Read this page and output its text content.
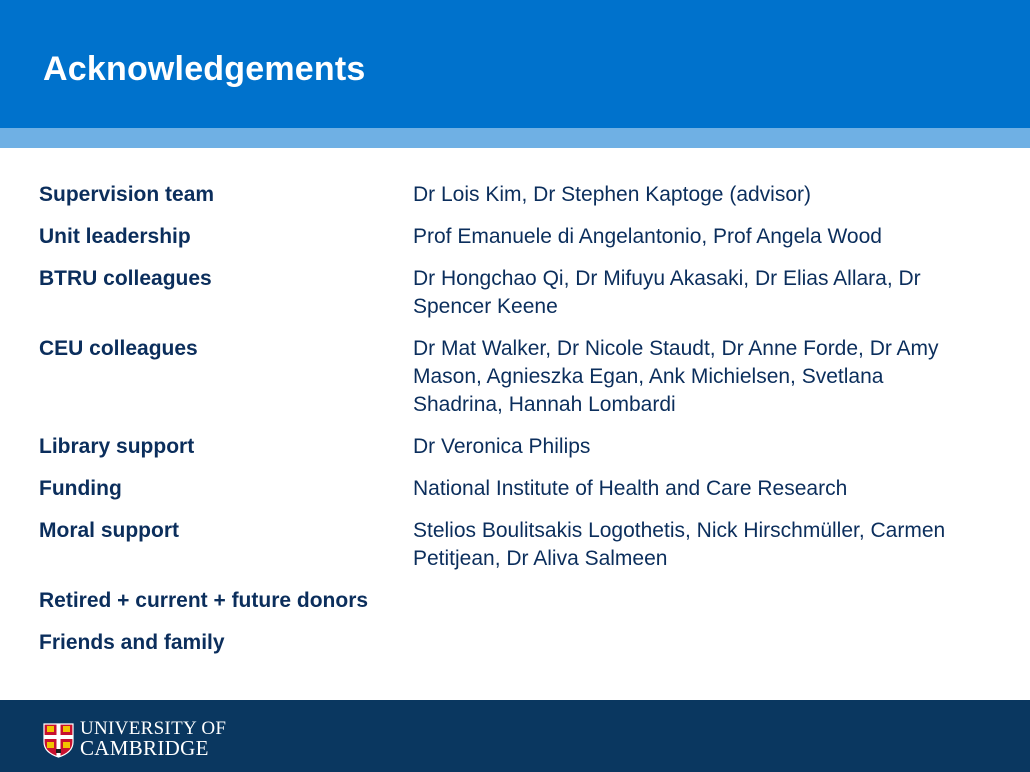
Acknowledgements
Supervision team	Dr Lois Kim, Dr Stephen Kaptoge (advisor)
Unit leadership	Prof Emanuele di Angelantonio, Prof Angela Wood
BTRU colleagues	Dr Hongchao Qi, Dr Mifuyu Akasaki, Dr Elias Allara, Dr Spencer Keene
CEU colleagues	Dr Mat Walker, Dr Nicole Staudt, Dr Anne Forde, Dr Amy Mason, Agnieszka Egan, Ank Michielsen, Svetlana Shadrina, Hannah Lombardi
Library support	Dr Veronica Philips
Funding	National Institute of Health and Care Research
Moral support	Stelios Boulitsakis Logothetis, Nick Hirschmüller, Carmen Petitjean, Dr Aliva Salmeen
Retired + current + future donors
Friends and family
UNIVERSITY OF
CAMBRIDGE
